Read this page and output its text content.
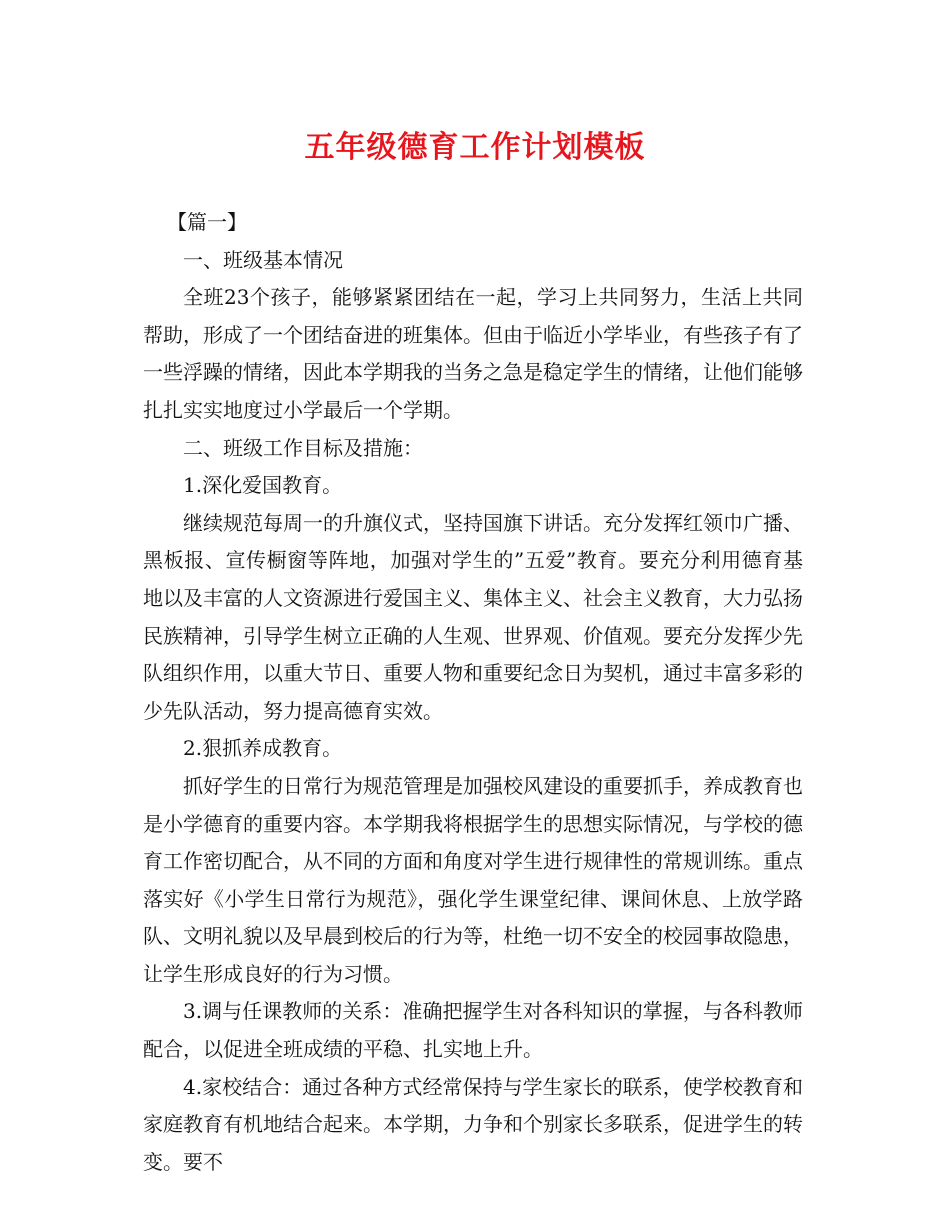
五年级德育工作计划模板

【篇一】

一、班级基本情况

全班23个孩子，能够紧紧团结在一起，学习上共同努力，生活上共同帮助，形成了一个团结奋进的班集体。但由于临近小学毕业，有些孩子有了一些浮躁的情绪，因此本学期我的当务之急是稳定学生的情绪，让他们能够扎扎实实地度过小学最后一个学期。

二、班级工作目标及措施：

1.深化爱国教育。

继续规范每周一的升旗仪式，坚持国旗下讲话。充分发挥红领巾广播、黑板报、宣传橱窗等阵地，加强对学生的”五爱”教育。要充分利用德育基地以及丰富的人文资源进行爱国主义、集体主义、社会主义教育，大力弘扬民族精神，引导学生树立正确的人生观、世界观、价值观。要充分发挥少先队组织作用，以重大节日、重要人物和重要纪念日为契机，通过丰富多彩的少先队活动，努力提高德育实效。

2.狠抓养成教育。

抓好学生的日常行为规范管理是加强校风建设的重要抓手，养成教育也是小学德育的重要内容。本学期我将根据学生的思想实际情况，与学校的德育工作密切配合，从不同的方面和角度对学生进行规律性的常规训练。重点落实好《小学生日常行为规范》，强化学生课堂纪律、课间休息、上放学路队、文明礼貌以及早晨到校后的行为等，杜绝一切不安全的校园事故隐患，让学生形成良好的行为习惯。

3.调与任课教师的关系：准确把握学生对各科知识的掌握，与各科教师配合，以促进全班成绩的平稳、扎实地上升。

4.家校结合：通过各种方式经常保持与学生家长的联系，使学校教育和家庭教育有机地结合起来。本学期，力争和个别家长多联系，促进学生的转变。要不
